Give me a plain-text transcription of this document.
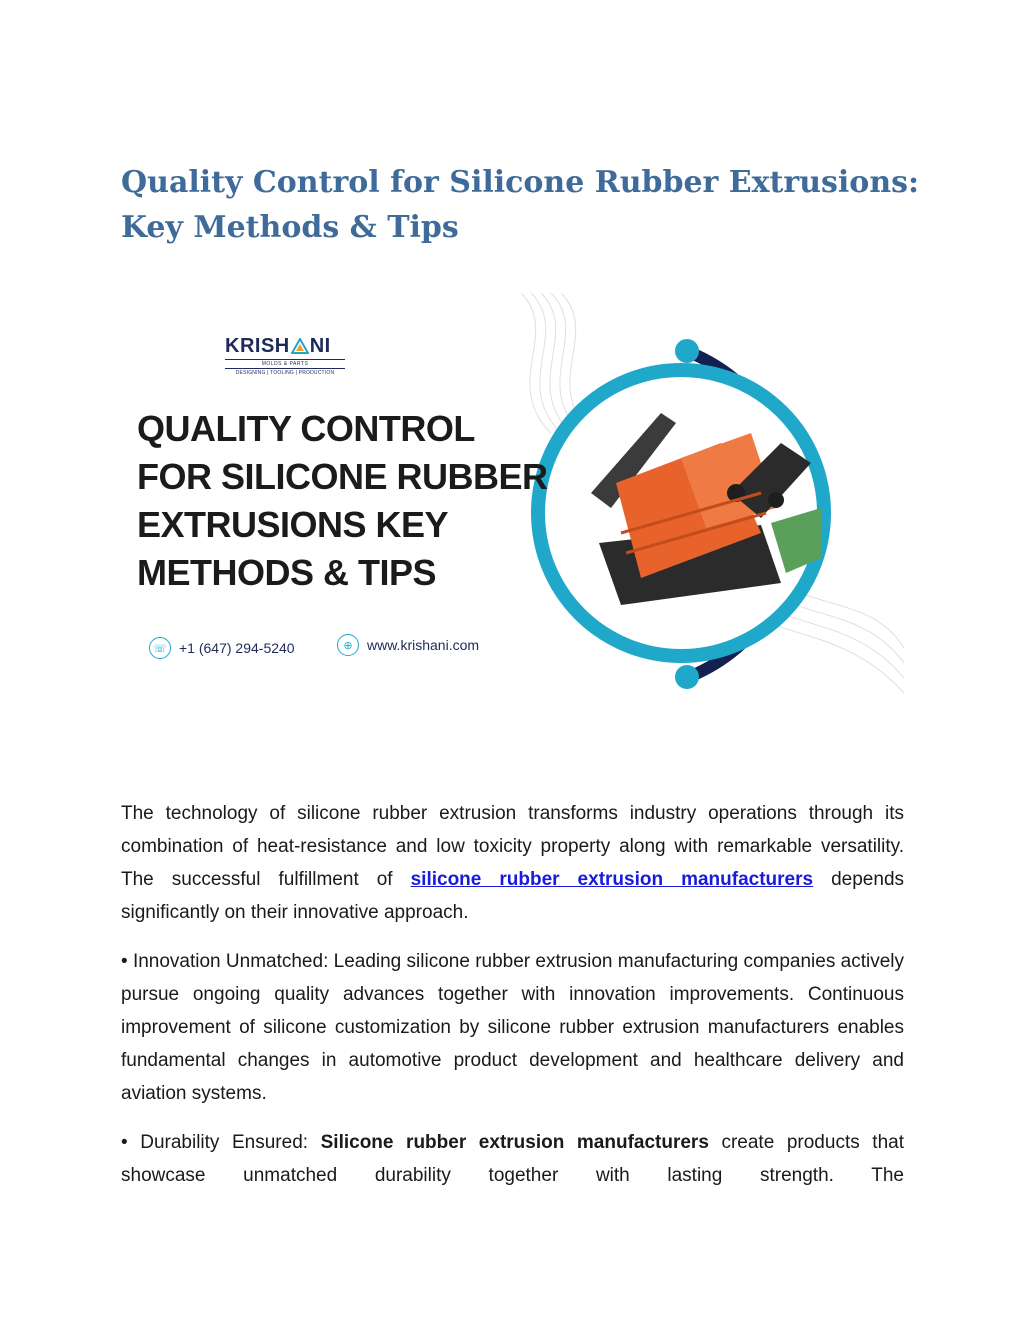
Quality Control for Silicone Rubber Extrusions:
Key Methods & Tips
KRISH NI
MOLDS & PARTS
DESIGNING | TOOLING | PRODUCTION
QUALITY CONTROL
FOR SILICONE RUBBER
EXTRUSIONS KEY
METHODS & TIPS
☏ +1 (647) 294-5240	⊕	www.krishani.com

The technology of silicone rubber extrusion transforms industry operations through its combination of heat-resistance and low toxicity property along with remarkable versatility. The successful fulfillment of silicone rubber extrusion manufacturers depends significantly on their innovative approach.

• Innovation Unmatched: Leading silicone rubber extrusion manufacturing companies actively pursue ongoing quality advances together with innovation improvements. Continuous improvement of silicone customization by silicone rubber extrusion manufacturers enables fundamental changes in automotive product development and healthcare delivery and aviation systems.

• Durability Ensured: Silicone rubber extrusion manufacturers create products that showcase unmatched durability together with lasting strength. The
